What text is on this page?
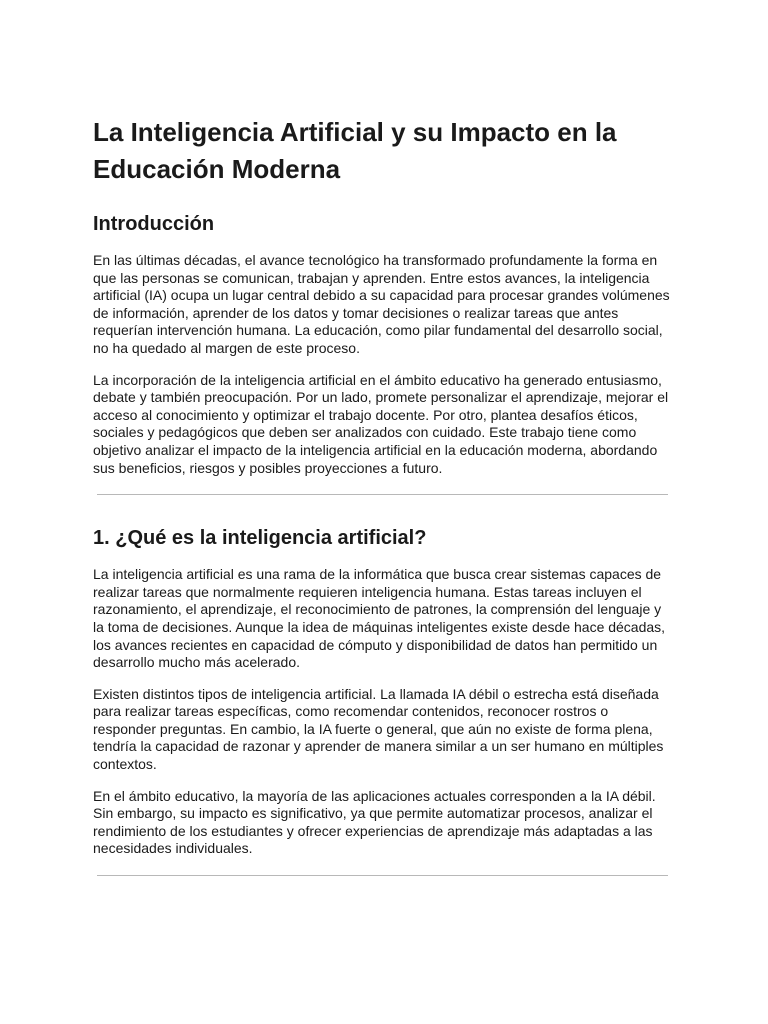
La Inteligencia Artificial y su Impacto en la Educación Moderna
Introducción

En las últimas décadas, el avance tecnológico ha transformado profundamente la forma en que las personas se comunican, trabajan y aprenden. Entre estos avances, la inteligencia artificial (IA) ocupa un lugar central debido a su capacidad para procesar grandes volúmenes de información, aprender de los datos y tomar decisiones o realizar tareas que antes requerían intervención humana. La educación, como pilar fundamental del desarrollo social, no ha quedado al margen de este proceso.

La incorporación de la inteligencia artificial en el ámbito educativo ha generado entusiasmo, debate y también preocupación. Por un lado, promete personalizar el aprendizaje, mejorar el acceso al conocimiento y optimizar el trabajo docente. Por otro, plantea desafíos éticos, sociales y pedagógicos que deben ser analizados con cuidado. Este trabajo tiene como objetivo analizar el impacto de la inteligencia artificial en la educación moderna, abordando sus beneficios, riesgos y posibles proyecciones a futuro.

1. ¿Qué es la inteligencia artificial?

La inteligencia artificial es una rama de la informática que busca crear sistemas capaces de realizar tareas que normalmente requieren inteligencia humana. Estas tareas incluyen el razonamiento, el aprendizaje, el reconocimiento de patrones, la comprensión del lenguaje y la toma de decisiones. Aunque la idea de máquinas inteligentes existe desde hace décadas, los avances recientes en capacidad de cómputo y disponibilidad de datos han permitido un desarrollo mucho más acelerado.

Existen distintos tipos de inteligencia artificial. La llamada IA débil o estrecha está diseñada para realizar tareas específicas, como recomendar contenidos, reconocer rostros o responder preguntas. En cambio, la IA fuerte o general, que aún no existe de forma plena, tendría la capacidad de razonar y aprender de manera similar a un ser humano en múltiples contextos.

En el ámbito educativo, la mayoría de las aplicaciones actuales corresponden a la IA débil. Sin embargo, su impacto es significativo, ya que permite automatizar procesos, analizar el rendimiento de los estudiantes y ofrecer experiencias de aprendizaje más adaptadas a las necesidades individuales.
